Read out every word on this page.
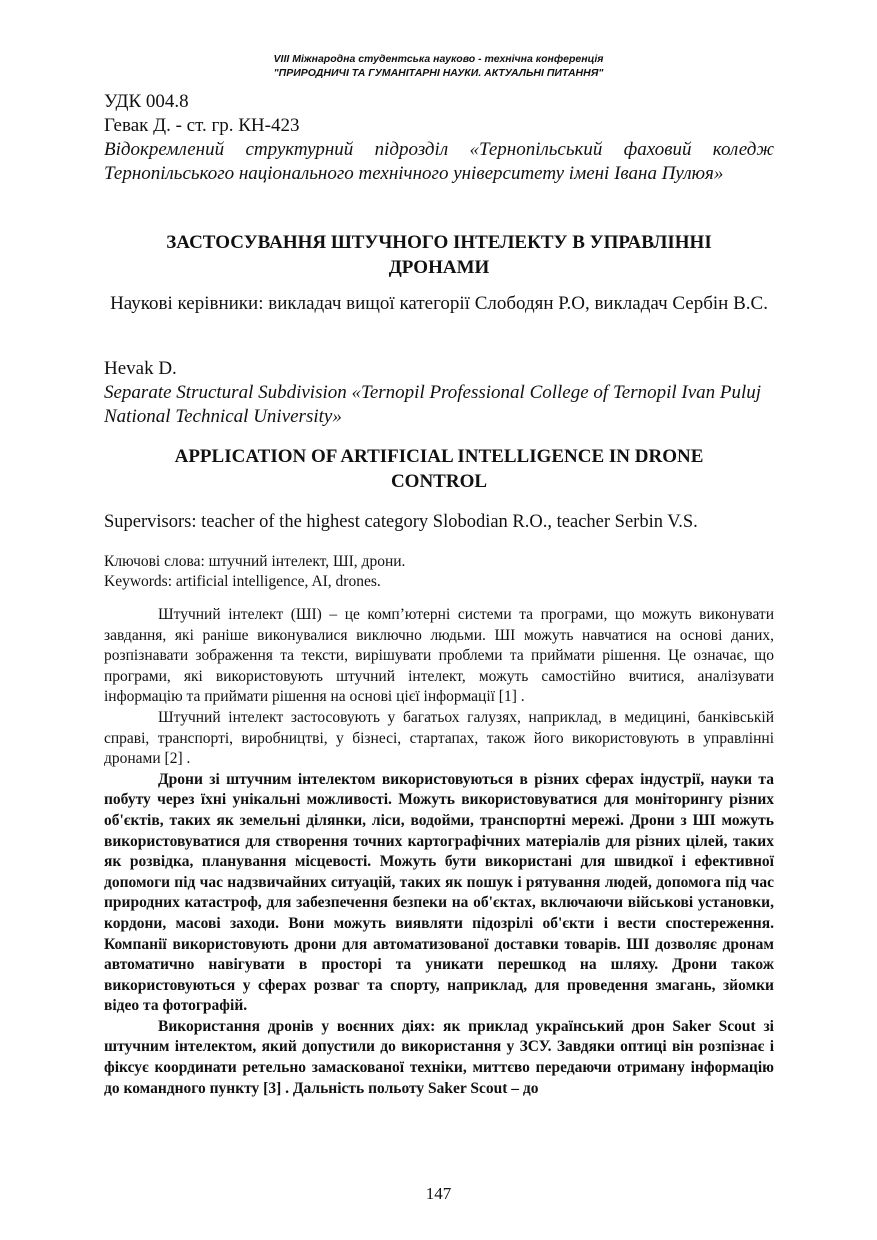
VIII Міжнародна студентська науково - технічна конференція
"ПРИРОДНИЧІ ТА ГУМАНІТАРНІ НАУКИ. АКТУАЛЬНІ ПИТАННЯ"

УДК 004.8

Гевак Д. - ст. гр. КН-423

Відокремлений структурний підрозділ «Тернопільський фаховий коледж Тернопільського національного технічного університету імені Івана Пулюя»

ЗАСТОСУВАННЯ ШТУЧНОГО ІНТЕЛЕКТУ В УПРАВЛІННІ ДРОНАМИ

Наукові керівники: викладач вищої категорії Слободян Р.О, викладач Сербін В.С.

Hevak D.

Separate Structural Subdivision «Ternopil Professional College of Ternopil Ivan Puluj National Technical University»

APPLICATION OF ARTIFICIAL INTELLIGENCE IN DRONE CONTROL

Supervisors: teacher of the highest category Slobodian R.O., teacher Serbin V.S.

Ключові слова: штучний інтелект, ШІ, дрони.

Keywords: artificial intelligence, AI, drones.

Штучний інтелект (ШІ) – це комп’ютерні системи та програми, що можуть виконувати завдання, які раніше виконувалися виключно людьми. ШІ можуть навчатися на основі даних, розпізнавати зображення та тексти, вирішувати проблеми та приймати рішення. Це означає, що програми, які використовують штучний інтелект, можуть самостійно вчитися, аналізувати інформацію та приймати рішення на основі цієї інформації [1] .

Штучний інтелект застосовують у багатьох галузях, наприклад, в медицині, банківській справі, транспорті, виробництві, у бізнесі, стартапах, також його використовують в управлінні дронами [2] .

Дрони зі штучним інтелектом використовуються в різних сферах індустрії, науки та побуту через їхні унікальні можливості. Можуть використовуватися для моніторингу різних об'єктів, таких як земельні ділянки, ліси, водойми, транспортні мережі. Дрони з ШІ можуть використовуватися для створення точних картографічних матеріалів для різних цілей, таких як розвідка, планування місцевості. Можуть бути використані для швидкої і ефективної допомоги під час надзвичайних ситуацій, таких як пошук і рятування людей, допомога під час природних катастроф, для забезпечення безпеки на об'єктах, включаючи військові установки, кордони, масові заходи. Вони можуть виявляти підозрілі об'єкти і вести спостереження. Компанії використовують дрони для автоматизованої доставки товарів. ШІ дозволяє дронам автоматично навігувати в просторі та уникати перешкод на шляху. Дрони також використовуються у сферах розваг та спорту, наприклад, для проведення змагань, зйомки відео та фотографій.

Використання дронів у воєнних діях: як приклад український дрон Saker Scout зі штучним інтелектом, який допустили до використання у ЗСУ. Завдяки оптиці він розпізнає і фіксує координати ретельно замаскованої техніки, миттєво передаючи отриману інформацію до командного пункту [3] . Дальність польоту Saker Scout – до

147
